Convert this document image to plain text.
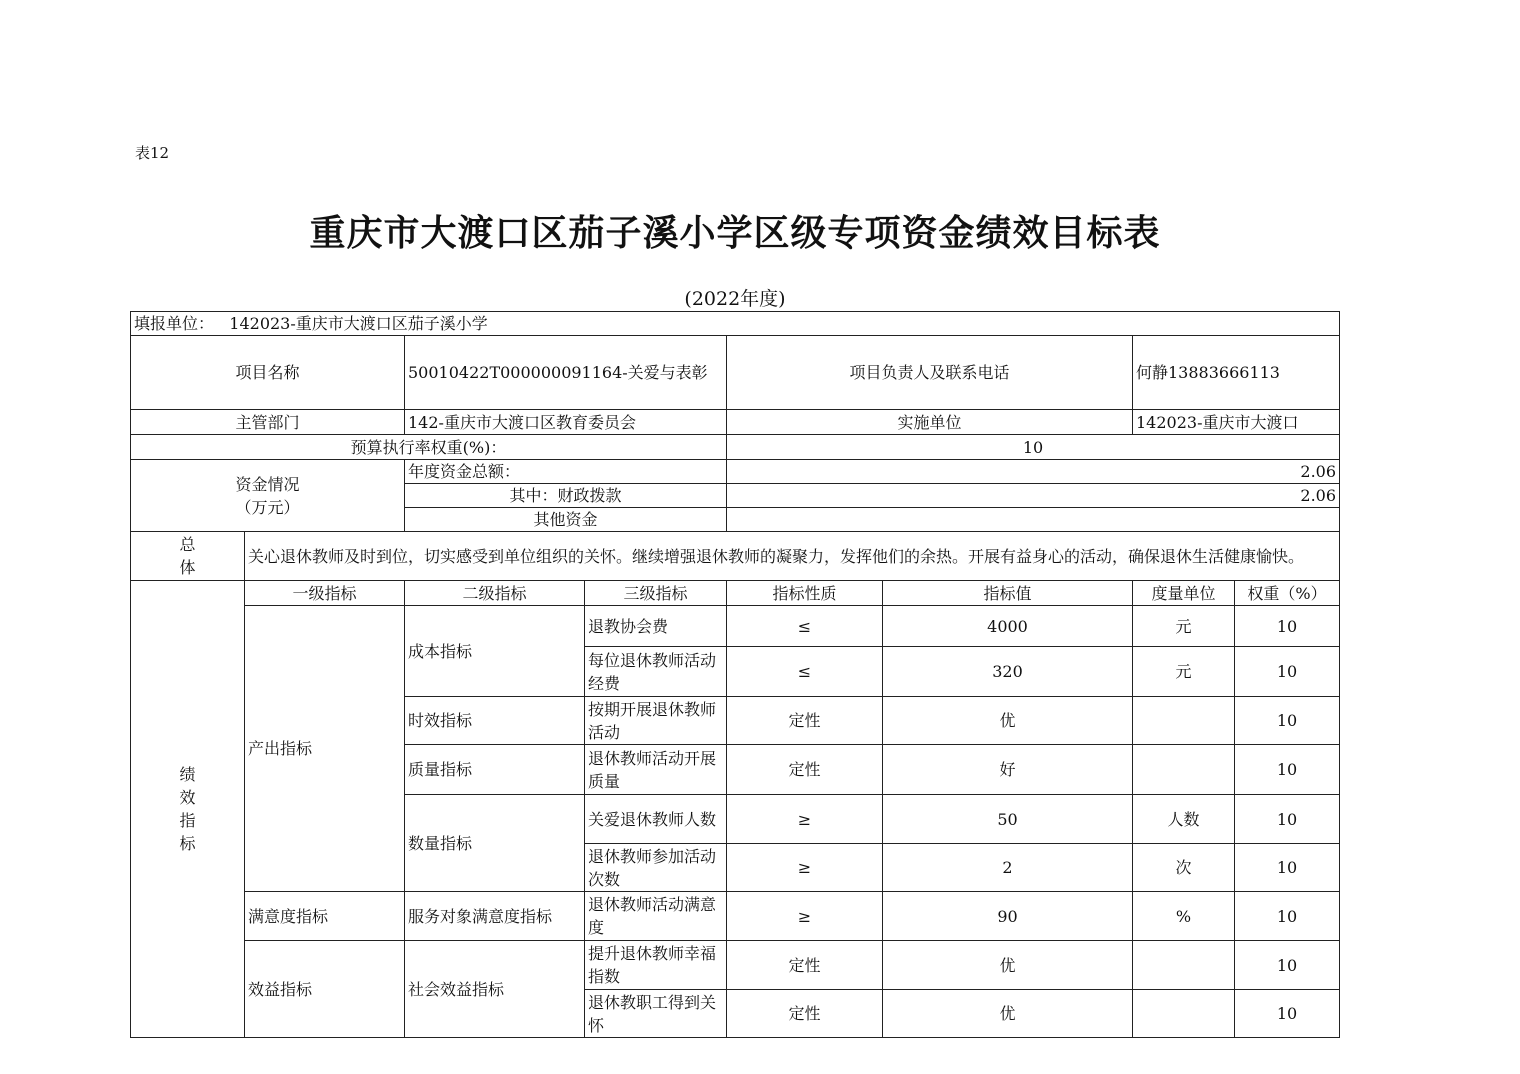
表12
重庆市大渡口区茄子溪小学区级专项资金绩效目标表
(2022年度)
填报单位： 142023-重庆市大渡口区茄子溪小学							
项目名称		50010422T000000091164-关爱与表彰		项目负责人及联系电话		何静13883666113	
主管部门		142-重庆市大渡口区教育委员会		实施单位		142023-重庆市大渡口	
预算执行率权重(%)：				10			

资金情况
（万元）		年度资金总额：		2.06			
		其中：财政拨款		2.06			
		其他资金					

总
体	关心退休教师及时到位，切实感受到单位组织的关怀。继续增强退休教师的凝聚力，发挥他们的余热。开展有益身心的活动，确保退休生活健康愉快。						

绩
效
指
标	一级指标	二级指标	三级指标	指标性质	指标值	度量单位	权重（%）
	产出指标	成本指标	退教协会费	≤	4000	元	10
			每位退休教师活动经费	≤	320	元	10
		时效指标	按期开展退休教师活动	定性	优		10
		质量指标	退休教师活动开展质量	定性	好		10
		数量指标	关爱退休教师人数	≥	50	人数	10
			退休教师参加活动次数	≥	2	次	10
	满意度指标	服务对象满意度指标	退休教师活动满意度	≥	90	%	10
	效益指标	社会效益指标	提升退休教师幸福指数	定性	优		10
			退休教职工得到关怀	定性	优		10
